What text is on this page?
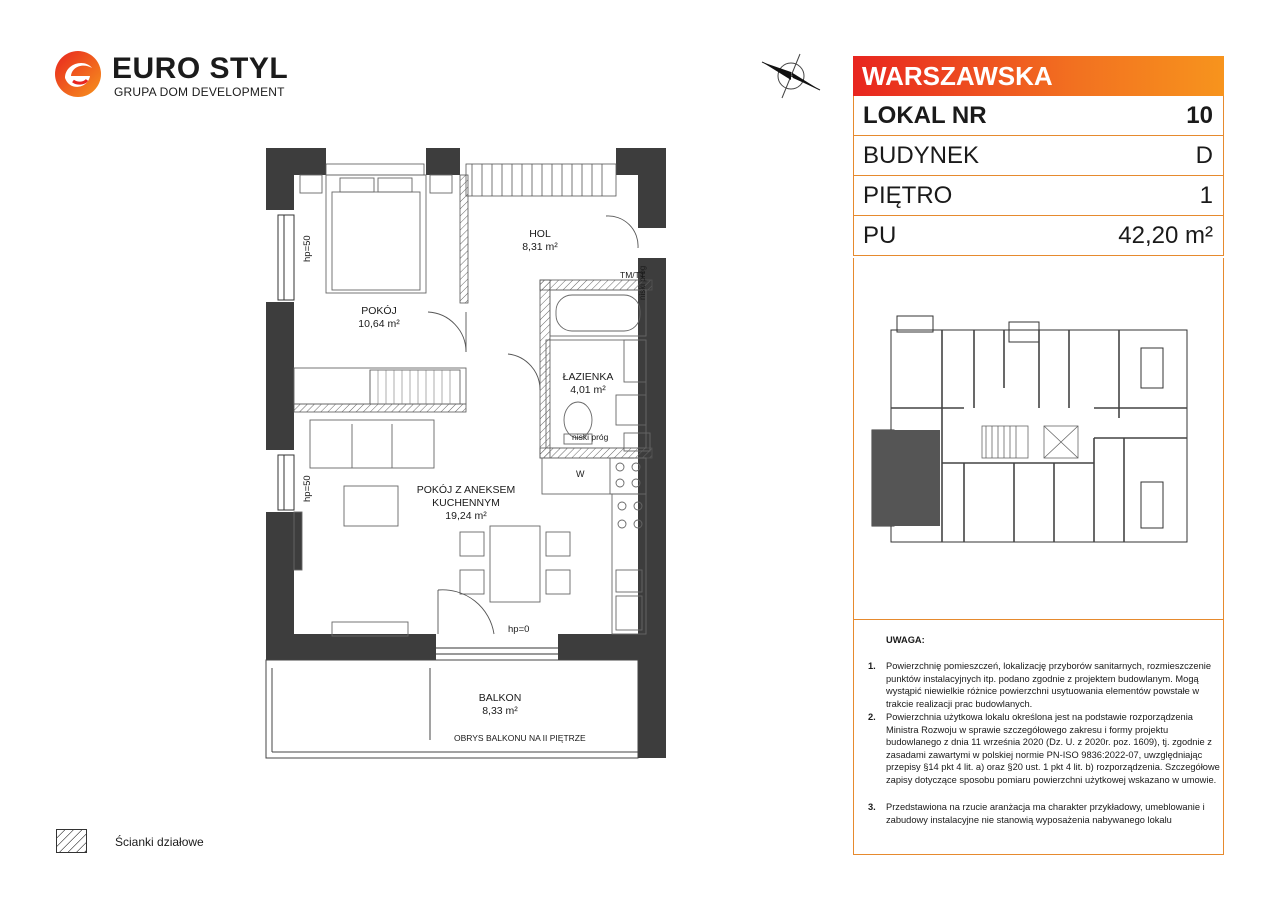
EURO STYL
GRUPA DOM DEVELOPMENT
WARSZAWSKA
LOKAL NR	10
BUDYNEK	D
PIĘTRO	1
PU	42,20 m²
UWAGA:
1. Powierzchnię pomieszczeń, lokalizację przyborów sanitarnych, rozmieszczenie punktów instalacyjnych itp. podano zgodnie z projektem budowlanym. Mogą wystąpić niewielkie różnice powierzchni usytuowania elementów powstałe w trakcie realizacji prac budowlanych.
2. Powierzchnia użytkowa lokalu określona jest na podstawie rozporządzenia Ministra Rozwoju w sprawie szczegółowego zakresu i formy projektu budowlanego z dnia 11 września 2020 (Dz. U. z 2020r. poz. 1609), tj. zgodnie z zasadami zawartymi w polskiej normie PN-ISO 9836:2022-07, uwzględniając przepisy §14 pkt 4 lit. a) oraz §20 ust. 1 pkt 4 lit. b) rozporządzenia. Szczegółowe zapisy dotyczące sposobu pomiaru powierzchni użytkowej wskazano w umowie.
3. Przedstawiona na rzucie aranżacja ma charakter przykładowy, umeblowanie i zabudowy instalacyjne nie stanowią wyposażenia nabywanego lokalu
Ścianki działowe
HOL
8,31 m²
POKÓJ
10,64 m²
ŁAZIENKA
4,01 m²
POKÓJ Z ANEKSEM
KUCHENNYM
19,24 m²
BALKON
8,33 m²
hp=50
hp=50
hp=0
TM/TT
niski próg
niski próg
W
OBRYS BALKONU NA II PIĘTRZE
